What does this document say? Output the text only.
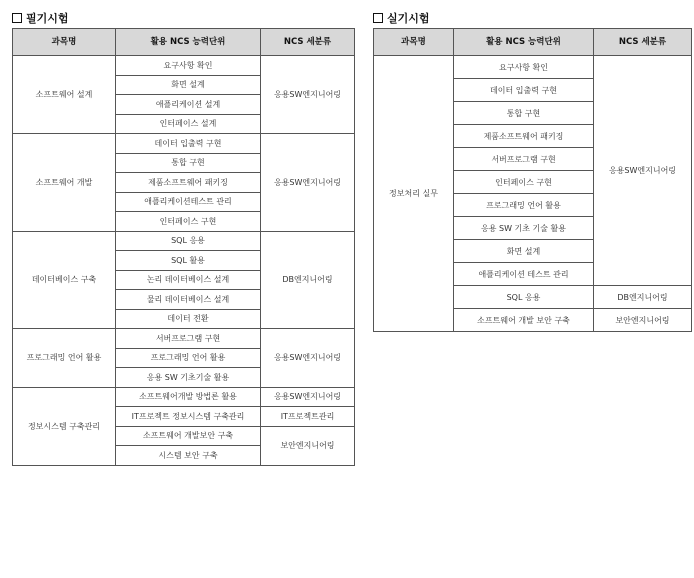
필기시험
과목명	활용 NCS 능력단위	NCS 세분류
소프트웨어 설계	요구사항 확인	응용SW엔지니어링
	화면 설계	
	애플리케이션 설계	
	인터페이스 설계	
소프트웨어 개발	데이터 입출력 구현	응용SW엔지니어링
	통합 구현	
	제품소프트웨어 패키징	
	애플리케이션테스트 관리	
	인터페이스 구현	
데이터베이스 구축	SQL 응용	DB엔지니어링
	SQL 활용	
	논리 데이터베이스 설계	
	물리 데이터베이스 설계	
	데이터 전환	
프로그래밍 언어 활용	서버프로그램 구현	응용SW엔지니어링
	프로그래밍 언어 활용	
	응용 SW 기초기술 활용	
정보시스템 구축관리	소프트웨어개발 방법론 활용	응용SW엔지니어링
	IT프로젝트 정보시스템 구축관리	IT프로젝트관리
	소프트웨어 개발보안 구축	보안엔지니어링
	시스템 보안 구축	
실기시험
과목명	활용 NCS 능력단위	NCS 세분류
정보처리 실무	요구사항 확인	응용SW엔지니어링
	데이터 입출력 구현	
	통합 구현	
	제품소프트웨어 패키징	
	서버프로그램 구현	
	인터페이스 구현	
	프로그래밍 언어 활용	
	응용 SW 기초 기술 활용	
	화면 설계	
	애플리케이션 테스트 관리	
	SQL 응용	DB엔지니어링
	소프트웨어 개발 보안 구축	보안엔지니어링
